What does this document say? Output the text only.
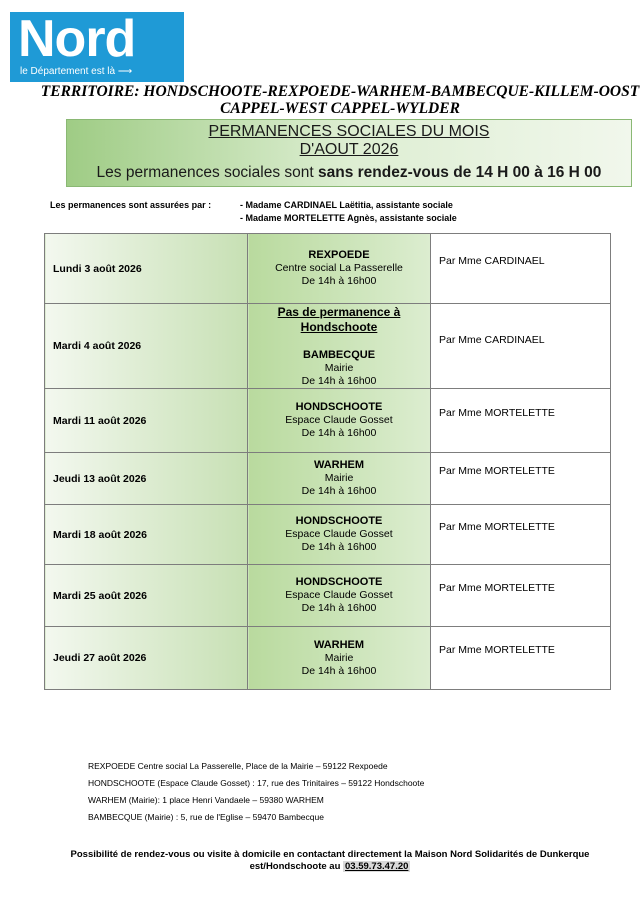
Nord
le Département est là ⟶
TERRITOIRE: HONDSCHOOTE-REXPOEDE-WARHEM-BAMBECQUE-KILLEM-OOST
CAPPEL-WEST CAPPEL-WYLDER
PERMANENCES SOCIALES DU MOIS
D'AOUT 2026
Les permanences sociales sont sans rendez-vous de 14 H 00 à 16 H 00
Les permanences sont assurées par :	- Madame CARDINAEL Laëtitia, assistante sociale
- Madame MORTELETTE Agnès, assistante sociale
Lundi 3 août 2026	REXPOEDE
Centre social La Passerelle
De 14h à 16h00	Par Mme CARDINAEL
Mardi 4 août 2026	Pas de permanence à Hondschoote
BAMBECQUE
Mairie
De 14h à 16h00	Par Mme CARDINAEL
Mardi 11 août 2026	HONDSCHOOTE
Espace Claude Gosset
De 14h à 16h00	Par Mme MORTELETTE
Jeudi 13 août 2026	WARHEM
Mairie
De 14h à 16h00	Par Mme MORTELETTE
Mardi 18 août 2026	HONDSCHOOTE
Espace Claude Gosset
De 14h à 16h00	Par Mme MORTELETTE
Mardi 25 août 2026	HONDSCHOOTE
Espace Claude Gosset
De 14h à 16h00	Par Mme MORTELETTE
Jeudi 27 août 2026	WARHEM
Mairie
De 14h à 16h00	Par Mme MORTELETTE
REXPOEDE Centre social La Passerelle, Place de la Mairie – 59122 Rexpoede
HONDSCHOOTE (Espace Claude Gosset) : 17, rue des Trinitaires – 59122 Hondschoote
WARHEM (Mairie): 1 place Henri Vandaele – 59380 WARHEM
BAMBECQUE (Mairie) : 5, rue de l'Eglise – 59470 Bambecque
Possibilité de rendez-vous ou visite à domicile en contactant directement la Maison Nord Solidarités de Dunkerque
est/Hondschoote au 03.59.73.47.20
